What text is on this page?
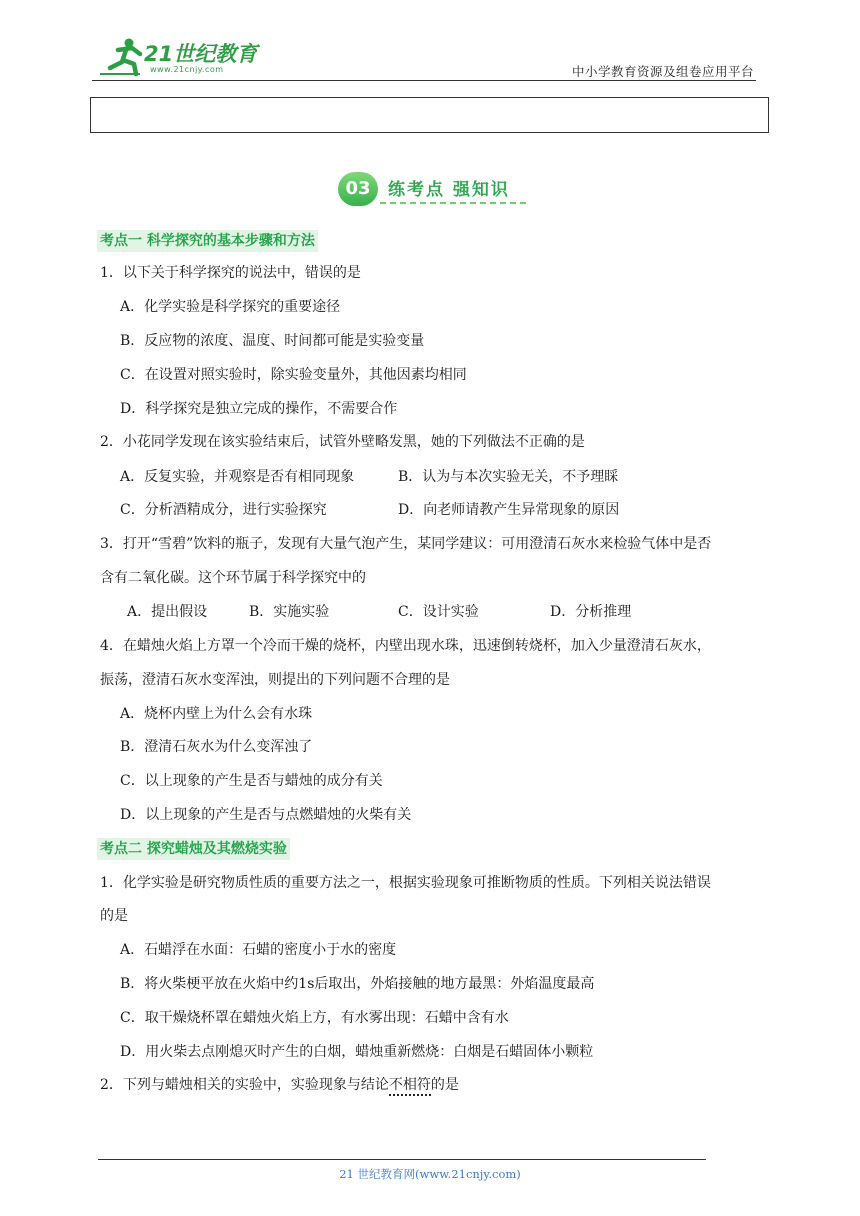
21世纪教育
www.21cnjy.com	中小学教育资源及组卷应用平台
03	练考点 强知识
考点一 科学探究的基本步骤和方法
1．以下关于科学探究的说法中，错误的是
A．化学实验是科学探究的重要途径
B．反应物的浓度、温度、时间都可能是实验变量
C．在设置对照实验时，除实验变量外，其他因素均相同
D．科学探究是独立完成的操作，不需要合作
2．小花同学发现在该实验结束后，试管外壁略发黑，她的下列做法不正确的是
A．反复实验，并观察是否有相同现象	B．认为与本次实验无关，不予理睬
C．分析酒精成分，进行实验探究	D．向老师请教产生异常现象的原因
3．打开“雪碧”饮料的瓶子，发现有大量气泡产生，某同学建议：可用澄清石灰水来检验气体中是否
含有二氧化碳。这个环节属于科学探究中的
A．提出假设	B．实施实验	C．设计实验	D．分析推理
4．在蜡烛火焰上方罩一个冷而干燥的烧杯，内壁出现水珠，迅速倒转烧杯，加入少量澄清石灰水，
振荡，澄清石灰水变浑浊，则提出的下列问题不合理的是
A．烧杯内壁上为什么会有水珠
B．澄清石灰水为什么变浑浊了
C．以上现象的产生是否与蜡烛的成分有关
D．以上现象的产生是否与点燃蜡烛的火柴有关
考点二 探究蜡烛及其燃烧实验
1．化学实验是研究物质性质的重要方法之一，根据实验现象可推断物质的性质。下列相关说法错误
的是
A．石蜡浮在水面：石蜡的密度小于水的密度
B．将火柴梗平放在火焰中约1s后取出，外焰接触的地方最黑：外焰温度最高
C．取干燥烧杯罩在蜡烛火焰上方，有水雾出现：石蜡中含有水
D．用火柴去点刚熄灭时产生的白烟，蜡烛重新燃烧：白烟是石蜡固体小颗粒
2．下列与蜡烛相关的实验中，实验现象与结论不相符的是
21 世纪教育网(www.21cnjy.com)
